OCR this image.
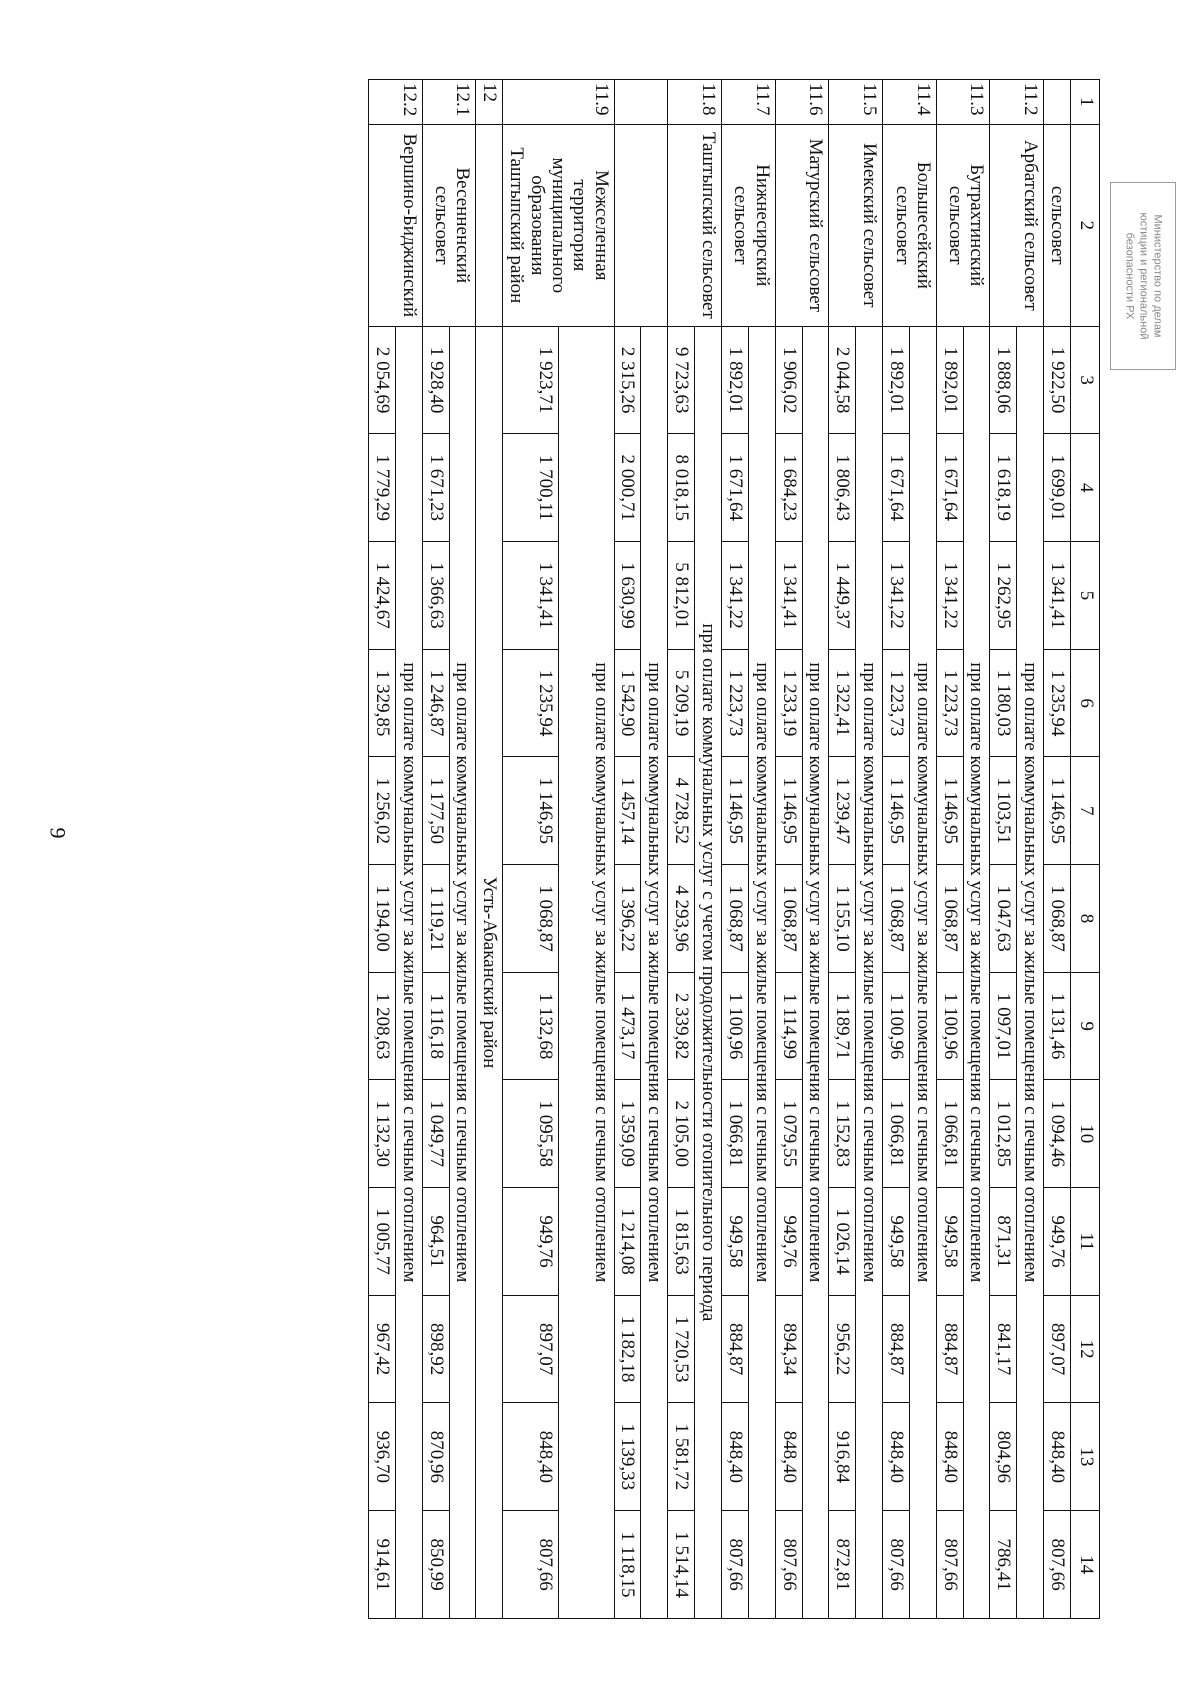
9
1	2	3	4	5	6	7	8	9	10	11	12	13	14
	сельсовет	1 922,50	1 699,01	1 341,41	1 235,94	1 146,95	1 068,87	1 131,46	1 094,46	949,76	897,07	848,40	807,66
11.2	Арбатский сельсовет	при оплате коммунальных услуг за жилые помещения с печным отоплением											
		1 888,06	1 618,19	1 262,95	1 180,03	1 103,51	1 047,63	1 097,01	1 012,85	871,31	841,17	804,96	786,41
11.3	Бутрахтинский сельсовет	при оплате коммунальных услуг за жилые помещения с печным отоплением											
		1 892,01	1 671,64	1 341,22	1 223,73	1 146,95	1 068,87	1 100,96	1 066,81	949,58	884,87	848,40	807,66
11.4	Большесейский сельсовет	при оплате коммунальных услуг за жилые помещения с печным отоплением											
		1 892,01	1 671,64	1 341,22	1 223,73	1 146,95	1 068,87	1 100,96	1 066,81	949,58	884,87	848,40	807,66
11.5	Имекский сельсовет	при оплате коммунальных услуг за жилые помещения с печным отоплением											
		2 044,58	1 806,43	1 449,37	1 322,41	1 239,47	1 155,10	1 189,71	1 152,83	1 026,14	956,22	916,84	872,81
11.6	Матурский сельсовет	при оплате коммунальных услуг за жилые помещения с печным отоплением											
		1 906,02	1 684,23	1 341,41	1 233,19	1 146,95	1 068,87	1 114,99	1 079,55	949,76	894,34	848,40	807,66
11.7	Нижнесирский сельсовет	при оплате коммунальных услуг за жилые помещения с печным отоплением											
		1 892,01	1 671,64	1 341,22	1 223,73	1 146,95	1 068,87	1 100,96	1 066,81	949,58	884,87	848,40	807,66
11.8	Таштыпский сельсовет	при оплате коммунальных услуг с учетом продолжительности отопительного периода											
		9 723,63	8 018,15	5 812,01	5 209,19	4 728,52	4 293,96	2 339,82	2 105,00	1 815,63	1 720,53	1 581,72	1 514,14
		при оплате коммунальных услуг за жилые помещения с печным отоплением											
		2 315,26	2 000,71	1 630,99	1 542,90	1 457,14	1 396,22	1 473,17	1 359,09	1 214,08	1 182,18	1 139,33	1 118,15
11.9	Межселенная территория муниципального образования Таштыпский район	при оплате коммунальных услуг за жилые помещения с печным отоплением											
		1 923,71	1 700,11	1 341,41	1 235,94	1 146,95	1 068,87	1 132,68	1 095,58	949,76	897,07	848,40	807,66
12		Усть-Абаканский район											
12.1	Весенненский сельсовет	при оплате коммунальных услуг за жилые помещения с печным отоплением											
		1 928,40	1 671,23	1 366,63	1 246,87	1 177,50	1 119,21	1 116,18	1 049,77	964,51	898,92	870,96	850,99
12.2	Вершино-Биджинский	при оплате коммунальных услуг за жилые помещения с печным отоплением											
		2 054,69	1 779,29	1 424,67	1 329,85	1 256,02	1 194,00	1 208,63	1 132,30	1 005,77	967,42	936,70	914,61
Министерство по делам
юстиции и региональной
безопасности РХ
